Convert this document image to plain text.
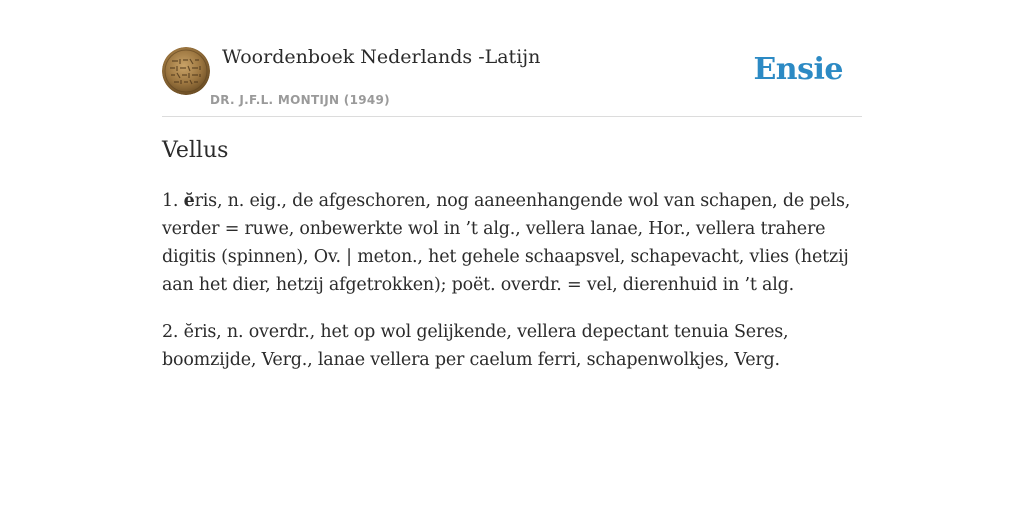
Woordenboek Nederlands -Latijn
DR. J.F.L. MONTIJN (1949)
Ensie
Vellus

1. ĕris, n. eig., de afgeschoren, nog aaneenhangende wol van schapen, de pels, verder = ruwe, onbewerkte wol in ’t alg., vellera lanae, Hor., vellera trahere digitis (spinnen), Ov. | meton., het gehele schaapsvel, schapevacht, vlies (hetzij aan het dier, hetzij afgetrokken); poët. overdr. = vel, dierenhuid in ’t alg.

2. ĕris, n. overdr., het op wol gelijkende, vellera depectant tenuia Seres, boomzijde, Verg., lanae vellera per caelum ferri, schapenwolkjes, Verg.
